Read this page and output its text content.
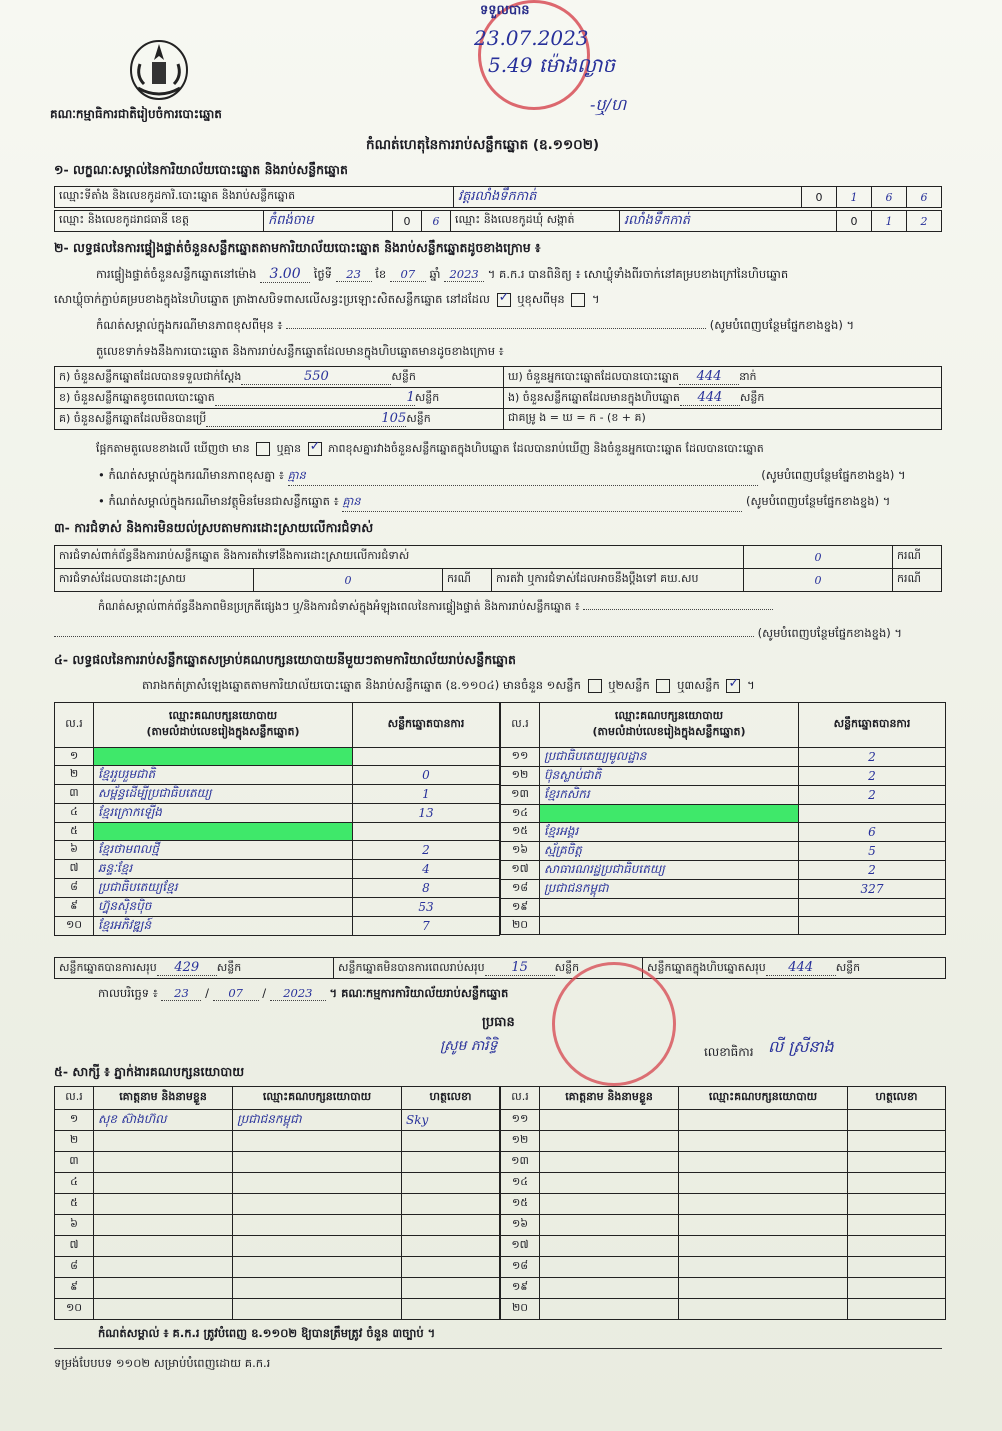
គណៈកម្មាធិការជាតិរៀបចំការបោះឆ្នោត
ទទួលបាន
23.07.2023
5.49 ម៉ោងល្ងាច
-ឬ/ហ
កំណត់ហេតុនៃការរាប់សន្លឹកឆ្នោត (ឧ.១១០២)
១- លក្ខណៈសម្គាល់នៃការិយាល័យបោះឆ្នោត និងរាប់សន្លឹកឆ្នោត
ឈ្មោះទីតាំង និងលេខកូដការិ.បោះឆ្នោត និងរាប់សន្លឹកឆ្នោត	វត្តរលាំងទឹកកាត់	0	1	6	6
ឈ្មោះ និងលេខកូដរាជធានី ខេត្ត	កំពង់ចាម	0	6	ឈ្មោះ និងលេខកូដឃុំ សង្កាត់	រលាំងទឹកកាត់	0	1	2
២- លទ្ធផលនៃការផ្ទៀងផ្ទាត់ចំនួនសន្លឹកឆ្នោតតាមការិយាល័យបោះឆ្នោត និងរាប់សន្លឹកឆ្នោតដូចខាងក្រោម ៖
ការផ្ទៀងផ្ទាត់ចំនួនសន្លឹកឆ្នោតនៅម៉ោង 3.00 ថ្ងៃទី 23 ខែ 07 ឆ្នាំ 2023 ។ គ.ក.រ បានពិនិត្យ ៖ សោឃ្លុំទាំងពីរចាក់នៅគម្របខាងក្រៅនៃហិបឆ្នោត
សោឃ្លុំចាក់ភ្ជាប់គម្របខាងក្នុងនៃហិបឆ្នោត ត្រាងាសបិទពាសលើសន្ធះប្រឡោះសិតសន្លឹកឆ្នោត នៅដដែល ✓ ឬខុសពីមុន  ។
កំណត់សម្គាល់ក្នុងករណីមានភាពខុសពីមុន ៖	(សូមបំពេញបន្ថែមផ្នែកខាងខ្នង) ។
តួលេខទាក់ទងនឹងការបោះឆ្នោត និងការរាប់សន្លឹកឆ្នោតដែលមានក្នុងហិបឆ្នោតមានដូចខាងក្រោម ៖
ក) ចំនួនសន្លឹកឆ្នោតដែលបានទទួលជាក់ស្តែង 550 សន្លឹក	ឃ) ចំនួនអ្នកបោះឆ្នោតដែលបានបោះឆ្នោត 444 នាក់
ខ) ចំនួនសន្លឹកឆ្នោតខូចពេលបោះឆ្នោត 1សន្លឹក	ង) ចំនួនសន្លឹកឆ្នោតដែលមានក្នុងហិបឆ្នោត 444 សន្លឹក
គ) ចំនួនសន្លឹកឆ្នោតដែលមិនបានប្រើ 105សន្លឹក	ជាគម្រូ ង = ឃ = ក - (ខ + គ)
ផ្អែកតាមតួលេខខាងលើ ឃើញថា មាន ឬគ្មាន ✓ ភាពខុសគ្នារវាងចំនួនសន្លឹកឆ្នោតក្នុងហិបឆ្នោត ដែលបានរាប់ឃើញ និងចំនួនអ្នកបោះឆ្នោត ដែលបានបោះឆ្នោត
• កំណត់សម្គាល់ក្នុងករណីមានភាពខុសគ្នា ៖ គ្មាន	(សូមបំពេញបន្ថែមផ្នែកខាងខ្នង) ។
• កំណត់សម្គាល់ក្នុងករណីមានវត្ថុមិនមែនជាសន្លឹកឆ្នោត ៖ គ្មាន	(សូមបំពេញបន្ថែមផ្នែកខាងខ្នង) ។
៣- ការជំទាស់ និងការមិនយល់ស្របតាមការដោះស្រាយលើការជំទាស់
ការជំទាស់ពាក់ព័ន្ធនឹងការរាប់សន្លឹកឆ្នោត និងការតវ៉ាទៅនឹងការដោះស្រាយលើការជំទាស់				0	ករណី
ការជំទាស់ដែលបានដោះស្រាយ	0	ករណី	ការតវ៉ា ឬការជំទាស់ដែលអាចនឹងប្តឹងទៅ គឃ.សប	0	ករណី
កំណត់សម្គាល់ពាក់ព័ន្ធនឹងភាពមិនប្រក្រតីផ្សេងៗ ឬ/និងការជំទាស់ក្នុងអំឡុងពេលនៃការផ្ទៀងផ្ទាត់ និងការរាប់សន្លឹកឆ្នោត ៖
(សូមបំពេញបន្ថែមផ្នែកខាងខ្នង) ។
៤- លទ្ធផលនៃការរាប់សន្លឹកឆ្នោតសម្រាប់គណបក្សនយោបាយនីមួយៗតាមការិយាល័យរាប់សន្លឹកឆ្នោត
តារាងកត់ត្រាសំឡេងឆ្នោតតាមការិយាល័យបោះឆ្នោត និងរាប់សន្លឹកឆ្នោត (ឧ.១១០៤) មានចំនួន ១សន្លឹក ឬ២សន្លឹក ឬ៣សន្លឹក ✓ ។
ល.រ	ឈ្មោះគណបក្សនយោបាយ
(តាមលំដាប់លេខរៀងក្នុងសន្លឹកឆ្នោត)	សន្លឹកឆ្នោតបានការ
១		
២	ខ្មែររួបរួមជាតិ	0
៣	សម្ព័ន្ធដើម្បីប្រជាធិបតេយ្យ	1
៤	ខ្មែរក្រោកឡើង	13
៥		
៦	ខ្មែរថាមពលថ្មី	2
៧	ឆន្ទៈខ្មែរ	4
៨	ប្រជាធិបតេយ្យខ្មែរ	8
៩	ហ្វ៊ុនស៊ិនប៉ិច	53
១០	ខ្មែរអភិវឌ្ឍន៍	7
ល.រ	ឈ្មោះគណបក្សនយោបាយ
(តាមលំដាប់លេខរៀងក្នុងសន្លឹកឆ្នោត)	សន្លឹកឆ្នោតបានការ
១១	ប្រជាធិបតេយ្យមូលដ្ឋាន	2
១២	ប៊ុនស្លាប់ជាតិ	2
១៣	ខ្មែរកសិករ	2
១៤		
១៥	ខ្មែរអង្គរ	6
១៦	ស្ម័គ្រចិត្ត	5
១៧	សាធារណរដ្ឋប្រជាធិបតេយ្យ	2
១៨	ប្រជាជនកម្ពុជា	327
១៩		
២០		
សន្លឹកឆ្នោតបានការសរុប 429 សន្លឹក	សន្លឹកឆ្នោតមិនបានការពេលរាប់សរុប 15 សន្លឹក	សន្លឹកឆ្នោតក្នុងហិបឆ្នោតសរុប 444 សន្លឹក
កាលបរិច្ឆេទ ៖ 23 / 07 / 2023 ។ គណៈកម្មការការិយាល័យរាប់សន្លឹកឆ្នោត
ប្រធាន
ស្រូម ភារិទ្ធិ	លេខាធិការ លី ស្រីនាង
៥- សាក្សី ៖ ភ្នាក់ងារគណបក្សនយោបាយ
ល.រ	គោត្តនាម និងនាមខ្លួន	ឈ្មោះគណបក្សនយោបាយ	ហត្ថលេខា
១	សុខ ស៊ាងហ៊ល	ប្រជាជនកម្ពុជា	Sky
២			
៣			
៤			
៥			
៦			
៧			
៨			
៩			
១០			
ល.រ	គោត្តនាម និងនាមខ្លួន	ឈ្មោះគណបក្សនយោបាយ	ហត្ថលេខា
១១			
១២			
១៣			
១៤			
១៥			
១៦			
១៧			
១៨			
១៩			
២០			
កំណត់សម្គាល់ ៖ គ.ក.រ ត្រូវបំពេញ ឧ.១១០២ ឱ្យបានត្រឹមត្រូវ ចំនួន ៣ច្បាប់ ។
ទម្រង់បែបបទ ១១០២ សម្រាប់បំពេញដោយ គ.ក.រ
